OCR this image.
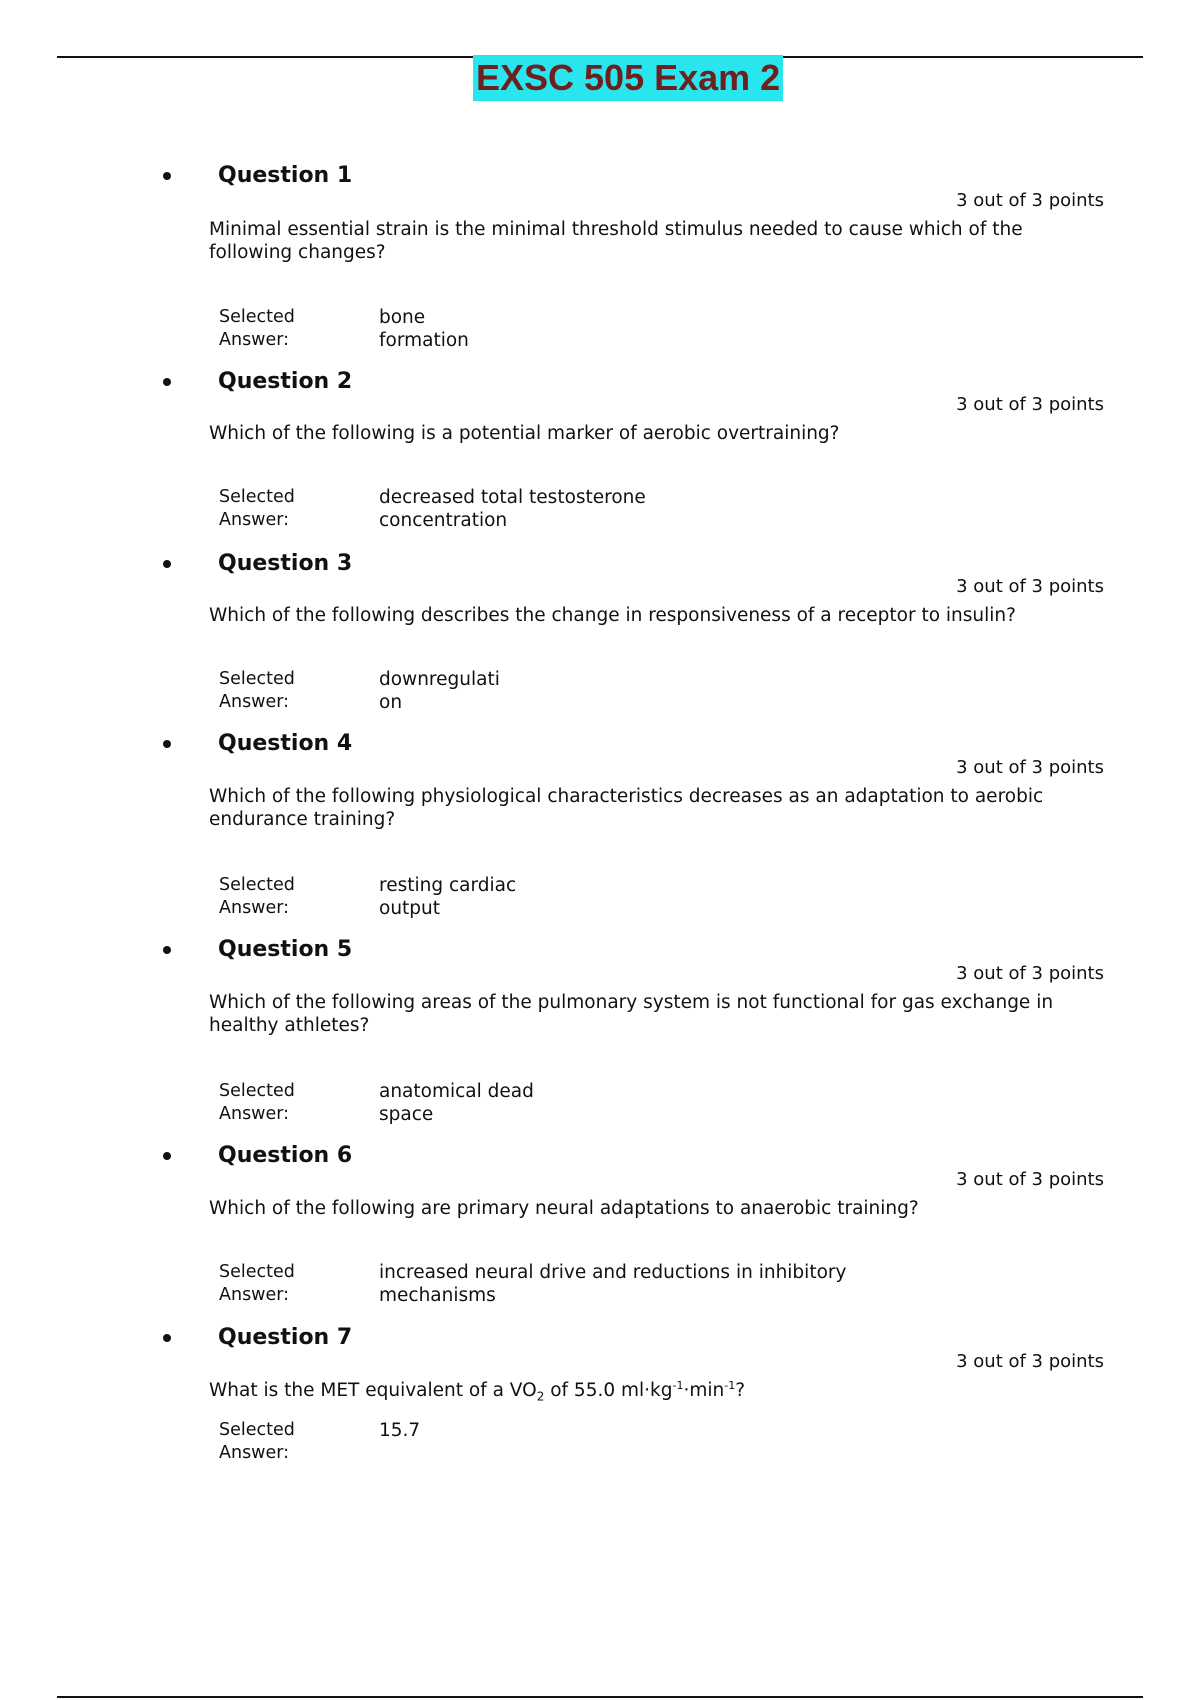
EXSC 505 Exam 2
Question 1
3 out of 3 points
Minimal essential strain is the minimal threshold stimulus needed to cause which of the following changes?
Selected
Answer:
bone
formation
Question 2
3 out of 3 points
Which of the following is a potential marker of aerobic overtraining?
Selected
Answer:
decreased total testosterone
concentration
Question 3
3 out of 3 points
Which of the following describes the change in responsiveness of a receptor to insulin?
Selected
Answer:
downregulati
on
Question 4
3 out of 3 points
Which of the following physiological characteristics decreases as an adaptation to aerobic endurance training?
Selected
Answer:
resting cardiac
output
Question 5
3 out of 3 points
Which of the following areas of the pulmonary system is not functional for gas exchange in healthy athletes?
Selected
Answer:
anatomical dead
space
Question 6
3 out of 3 points
Which of the following are primary neural adaptations to anaerobic training?
Selected
Answer:
increased neural drive and reductions in inhibitory
mechanisms
Question 7
3 out of 3 points
What is the MET equivalent of a $VO_2$ of 55.0 $ml\cdot kg^{-1}\cdot\min^{-1}$?
Selected
Answer:
15.7
